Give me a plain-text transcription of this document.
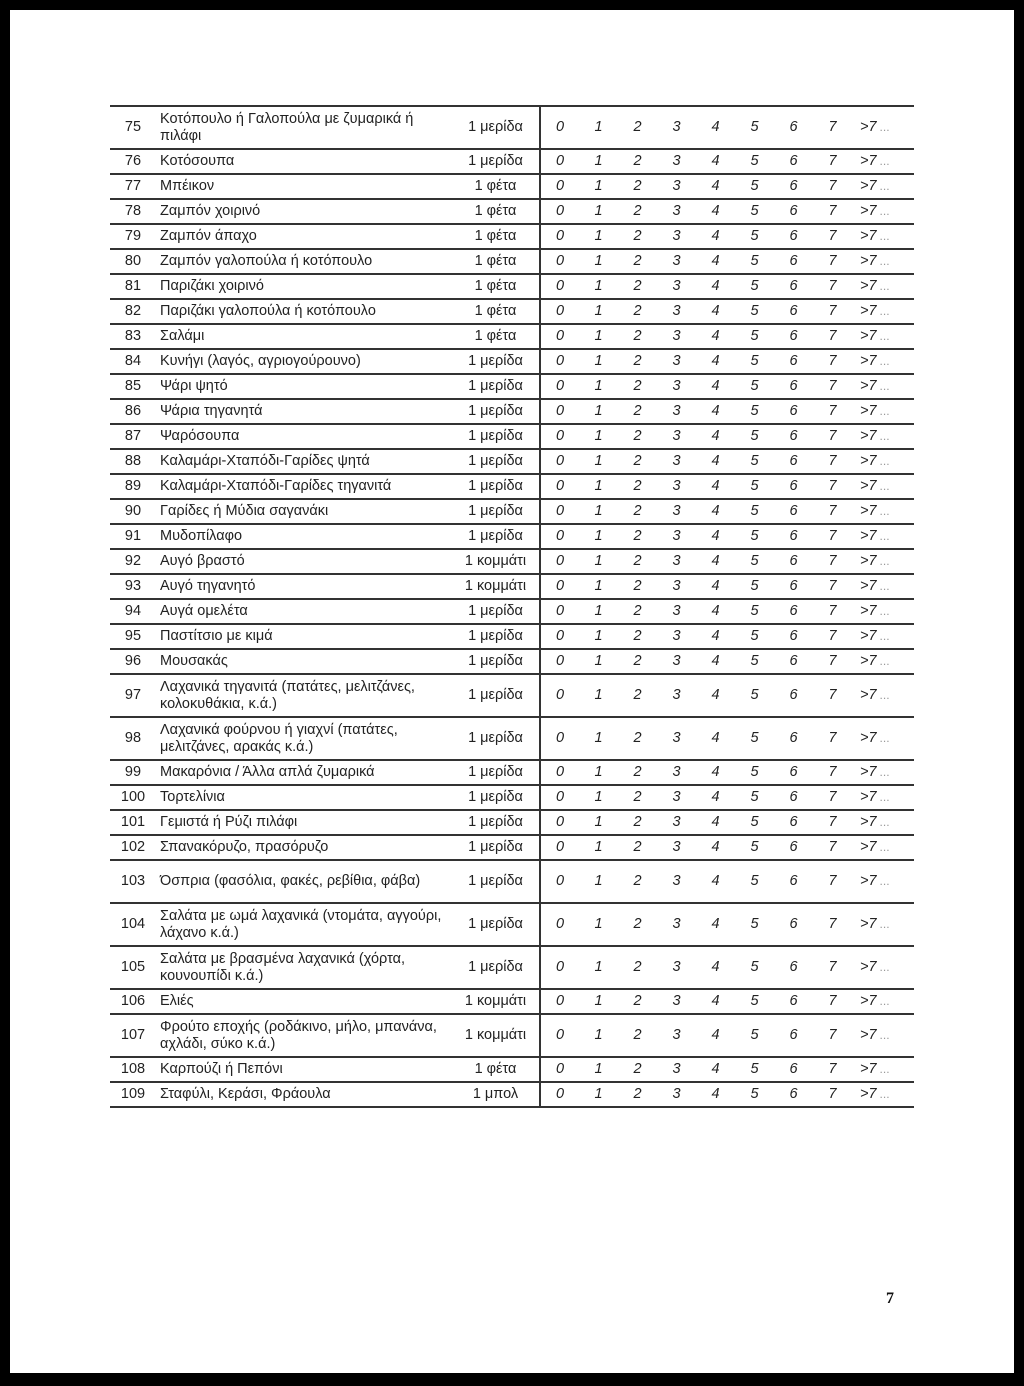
75	Κοτόπουλο ή Γαλοπούλα με ζυμαρικά ή πιλάφι	1 μερίδα	0	1	2	3	4	5	6	7	>7 ...
76	Κοτόσουπα	1 μερίδα	0	1	2	3	4	5	6	7	>7 ...
77	Μπέικον	1 φέτα	0	1	2	3	4	5	6	7	>7 ...
78	Ζαμπόν χοιρινό	1 φέτα	0	1	2	3	4	5	6	7	>7 ...
79	Ζαμπόν άπαχο	1 φέτα	0	1	2	3	4	5	6	7	>7 ...
80	Ζαμπόν γαλοπούλα ή κοτόπουλο	1 φέτα	0	1	2	3	4	5	6	7	>7 ...
81	Παριζάκι χοιρινό	1 φέτα	0	1	2	3	4	5	6	7	>7 ...
82	Παριζάκι γαλοπούλα ή κοτόπουλο	1 φέτα	0	1	2	3	4	5	6	7	>7 ...
83	Σαλάμι	1 φέτα	0	1	2	3	4	5	6	7	>7 ...
84	Κυνήγι (λαγός, αγριογούρουνο)	1 μερίδα	0	1	2	3	4	5	6	7	>7 ...
85	Ψάρι ψητό	1 μερίδα	0	1	2	3	4	5	6	7	>7 ...
86	Ψάρια τηγανητά	1 μερίδα	0	1	2	3	4	5	6	7	>7 ...
87	Ψαρόσουπα	1 μερίδα	0	1	2	3	4	5	6	7	>7 ...
88	Καλαμάρι-Χταπόδι-Γαρίδες ψητά	1 μερίδα	0	1	2	3	4	5	6	7	>7 ...
89	Καλαμάρι-Χταπόδι-Γαρίδες τηγανιτά	1 μερίδα	0	1	2	3	4	5	6	7	>7 ...
90	Γαρίδες ή Μύδια σαγανάκι	1 μερίδα	0	1	2	3	4	5	6	7	>7 ...
91	Μυδοπίλαφο	1 μερίδα	0	1	2	3	4	5	6	7	>7 ...
92	Αυγό βραστό	1 κομμάτι	0	1	2	3	4	5	6	7	>7 ...
93	Αυγό τηγανητό	1 κομμάτι	0	1	2	3	4	5	6	7	>7 ...
94	Αυγά ομελέτα	1 μερίδα	0	1	2	3	4	5	6	7	>7 ...
95	Παστίτσιο με κιμά	1 μερίδα	0	1	2	3	4	5	6	7	>7 ...
96	Μουσακάς	1 μερίδα	0	1	2	3	4	5	6	7	>7 ...
97	Λαχανικά τηγανιτά (πατάτες, μελιτζάνες, κολοκυθάκια, κ.ά.)	1 μερίδα	0	1	2	3	4	5	6	7	>7 ...
98	Λαχανικά φούρνου ή γιαχνί (πατάτες, μελιτζάνες, αρακάς κ.ά.)	1 μερίδα	0	1	2	3	4	5	6	7	>7 ...
99	Μακαρόνια / Άλλα απλά ζυμαρικά	1 μερίδα	0	1	2	3	4	5	6	7	>7 ...
100	Τορτελίνια	1 μερίδα	0	1	2	3	4	5	6	7	>7 ...
101	Γεμιστά ή Ρύζι πιλάφι	1 μερίδα	0	1	2	3	4	5	6	7	>7 ...
102	Σπανακόρυζο, πρασόρυζο	1 μερίδα	0	1	2	3	4	5	6	7	>7 ...
103	Όσπρια (φασόλια, φακές, ρεβίθια, φάβα)	1 μερίδα	0	1	2	3	4	5	6	7	>7 ...
104	Σαλάτα με ωμά λαχανικά (ντομάτα, αγγούρι, λάχανο κ.ά.)	1 μερίδα	0	1	2	3	4	5	6	7	>7 ...
105	Σαλάτα με βρασμένα λαχανικά (χόρτα, κουνουπίδι κ.ά.)	1 μερίδα	0	1	2	3	4	5	6	7	>7 ...
106	Ελιές	1 κομμάτι	0	1	2	3	4	5	6	7	>7 ...
107	Φρούτο εποχής (ροδάκινο, μήλο, μπανάνα, αχλάδι, σύκο κ.ά.)	1 κομμάτι	0	1	2	3	4	5	6	7	>7 ...
108	Καρπούζι ή Πεπόνι	1 φέτα	0	1	2	3	4	5	6	7	>7 ...
109	Σταφύλι, Κεράσι, Φράουλα	1 μπολ	0	1	2	3	4	5	6	7	>7 ...
7
